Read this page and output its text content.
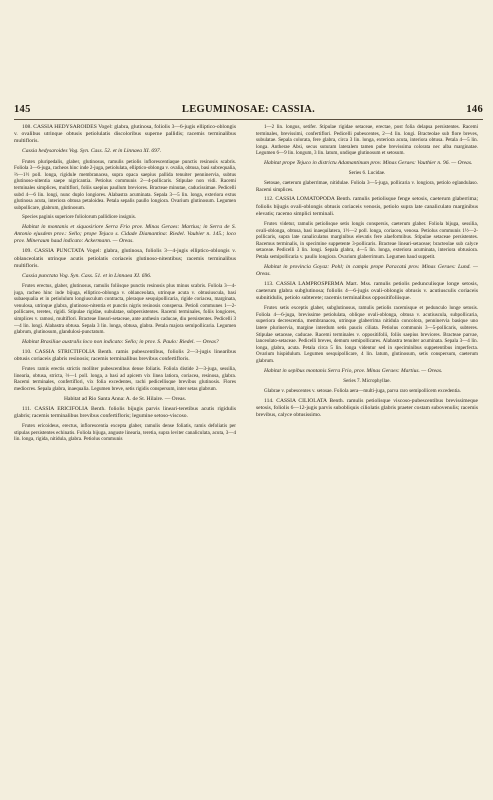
145	LEGUMINOSAE: CASSIA.	146

108. CASSIA HEDYSAROIDES Vogel: glabra, glutinosa, foliolis 3—6-jugis elliptico-oblongis v. ovalibus utrinque obtusis petiolulatis discoloribus superne pallidis; racemis terminalibus multifloris.

Cassia hedysaroides Vog. Syn. Cass. 52. et in Linnaea XI. 697.

Frutex pluripedalis, glaber, glutinosus, ramulis petiolis inflorescentiaque punctis resinosis scabris. Foliola 3—6-juga, racheos hinc inde 2-juga, petiolulata, elliptico-oblonga v. ovalia, obtusa, basi subcequalia, ⅔—1½ poll. longa, rigidule membranacea, supra opaca saepius pallida tenuiter penninervia, subtus glutinoso-nitentia saepe nigricantia. Petiolus communis 2—4-pollicaris. Stipulae non vidi. Racemi terminales simplices, multiflori, foliis saepius paullum breviores. Bracteae minutae, caducissimae. Pedicelli subd 4—6 lin. longi, nunc duplo longiores. Alabastra acuminata. Sepala 3—5 lin. longa, exteriora extus glutinosa acuta, interiora obtusa petaloidea. Petala sepalis paullo longiora. Ovarium glutinosum. Legumen subpollicare, glabrum, glutinosum.

Species paginis superiore foliolorum pallidiore insignis.

Habitat in montanis et siquosiriore Serra Frio prov. Minas Geraes: Martius; in Serra de S. Antonio ejusdem prov.: Sello; prope Tejuco s. Cidade Diamantina: Riedel. Vaubier n. 145.; loco prov. Mineraum haud indicato: Ackermann. — Oreas.

109. CASSIA PUNCTATA Vogel: glabra, glutinosa, foliolis 3—4-jugis elliptico-oblongis v. oblanceolatis utrinque acutis petiolatis coriaceis glutinoso-nitentibus; racemis terminalibus multifloris.

Cassia punctata Vog. Syn. Cass. 51. et in Linnaea XI. 696.

Frutex erectus, glaber, glutinosus, ramulis foliisque punctis resinosis plus minus scabris. Foliola 3—4-juga, racheo hinc inde bijuga, elliptico-oblonga v. oblanceolata, utrinque acuta v. obtusiuscula, basi subaequalia et in petiolulum longiusculum contracta, pleraque sesquipollicaria, rigide coriacea, marginata, venulosa, utrinque glabra, glutinoso-nitentia et punctis nigris resinosis conspersa. Petioli communes 1—2-pollicares, teretes, rigidi. Stipulae rigidae, subulatae, subpersistentes. Racemi terminales, foliis longiores, simplices v. ramosi, multiflori. Bracteae lineari-setaceae, ante anthesin caducae, diu persistentes. Pedicelli 3—4 lin. longi. Alabastra obtusa. Sepala 3 lin. longa, obtusa, glabra. Petala majora semipollicaria. Legumen glabrum, glutinosum, glandulosi-punctatum.

Habitat Brasiliae australis loco non indicato: Sello; in prov. S. Paulo: Riedel. — Oreas?

110. CASSIA STRICTIFOLIA Benth. ramis pubescentibus, foliolis 2—3-jugis linearibus obtusis coriaceis glabris resinosis; racemis terminalibus brevibus confertifloris.

Frutex ramis erectis strictis molliter pubescentibus dense foliatis. Foliola distide 2—3-juga, sessilia, linearia, obtusa, stricta, ⅔—1 poll. longa, a basi ad apicem vix linea latiora, coriacea, resinosa, glabra. Racemi terminales, confertiflori, vix folia excedentes, rachi pedicellisque brevibus glutinosis. Flores mediocres. Sepala glabra, inaequalia. Legumen breve, setis rigidis conspersum, inter setas glabrum.

Habitat ad Rio Santa Anna: A. de St. Hilaire. — Oreas.

111. CASSIA ERICIFOLIA Benth. foliolis bijugis parvis lineari-teretibus acutis rigidulis glabris; racemis terminalibus brevibus confertifloris; legumine setoso-viscoso.

Frutex ericoideus, erectus, inflorescentia excepta glaber, ramulis dense foliatis, ramis defoliatis per stipulas persistentes echinatis. Foliola bijuga, anguste linearia, teretia, supra leviter canaliculata, acuta, 3—4 lin. longa, rigida, nitidula, glabra. Petiolus communis

1—2 lin. longus, setifer. Stipulae rigidae setaceae, erectae, post folia delapsa persistentes. Racemi terminales, brevissimi, confertiflori. Pedicelli pubescentes, 2—4 lin. longi. Bracteolae sub flore breves, subulatae. Sepala colorata, fere glabra, circa 3 lin. longa, exteriora acuta, interiora obtusa. Petala 4—5 lin. longa. Antherae Absi, secus suturam lateralem tamen pube brevissima colorata nec alba marginatae. Legumen 6—9 lin. longum, 3 lin. latum, undique glutinosum et setosum.

Habitat prope Tejuco in districtu Adamantinum prov. Minas Geraes: Vauthier n. 96. — Oreas.

Series 6. Lucidae.

Setosae, caeterum glaberrimae, nitidulae. Foliola 3—5-juga, pollicaria v. longiora, petiolo eglandulaso. Racemi simplices.

112. CASSIA LOMATOPODA Benth. ramulis petiolisque fenge setosis, caeterum glaberrima; foliolis bijugis ovali-oblongis obtusis coriaceis venosis, petiolo supra late canaliculato marginibus elevatis; racemo simplici terminali.

Frutex videtur, ramulis petiolisque setis longis conspersis, caeterum glaber. Foliola bijuga, sessilia, ovali-oblonga, obtusa, basi inaequilatera, 1½—2 poll. longa, coriacea, venosa. Petiolus communis 1½—2-pollicaris, supra late canaliculatus marginibus elevatis fere alaeformibus. Stipulae setaceae persistentes. Racemus terminalis, in specimine suppetente 3-pollicaris. Bracteae lineari-setaceae; bracteolae sub calyce setaceae. Pedicelli 3 lin. longi. Sepala glabra, 4—5 lin. longa, exteriora acuminata, interiora obtusiora. Petala semipollicaria v. paullo longiora. Ovarium glaberrimum. Legumen haud suppetit.

Habitat in provincia Goyaz: Pohl; in campis prope Paracatú prov. Minas Geraes: Lund. — Oreas.

113. CASSIA LAMPROSPERMA Mart. Mss. ramulis petiolis pedunculisque longe setosis, caeterum glabra subglutinosa; foliolis 4—6-jugis ovali-oblongis obtusis v. acutiusculis coriaceis subnitidulis, petiolo subterete; racemis terminalibus oppositifoliisque.

Frutex setis exceptis glaber, subglutinosus, ramulis petiolis racemisque et pedunculo longe setosis. Foliola 4—6-juga, brevissime petiolulata, oblique ovali-oblonga, obtusa v. acutiuscula, subpollicaria, superiora decrescentia, membranacea, utrinque glaberrima nitidula concolora, penninervia basique uno latere plurinervia, margine interdum setis paucis ciliata. Petiolus communis 3—5-pollicaris, subteres. Stipulae setaceae, caducae. Racemi terminales v. oppositifolii, foliis saepius breviores. Bracteae parvae, lanceolato-setaceae. Pedicelli breves, demum semipollicares. Alabastra tenuiter acuminata. Sepala 3—4 lin. longa, glabra, acuta. Petala circa 5 lin. longa videntur sed in speciminibus suppetentibus imperfecta. Ovarium hispidulum. Legumen sesquipollicare, 4 lin. latum, glutinosum, setis conspersum, caeterum glabrum.

Habitat in sepibus montanis Serra Frio, prov. Minas Geraes: Martius. — Oreas.

Series 7. Microphyllae.

Glabrae v. pubescentes v. setosae. Foliola aera—multi-juga, parva raro semipollicem excedentia.

114. CASSIA CILIOLATA Benth. ramulis petiolisque viscoso-pubescentibus brevissimeque setosis, foliolis 6—12-jugis parvis subobliquis ciliolatis glabris praeter costam subovenulis; racemis brevibus, calyce obtusissimo.
